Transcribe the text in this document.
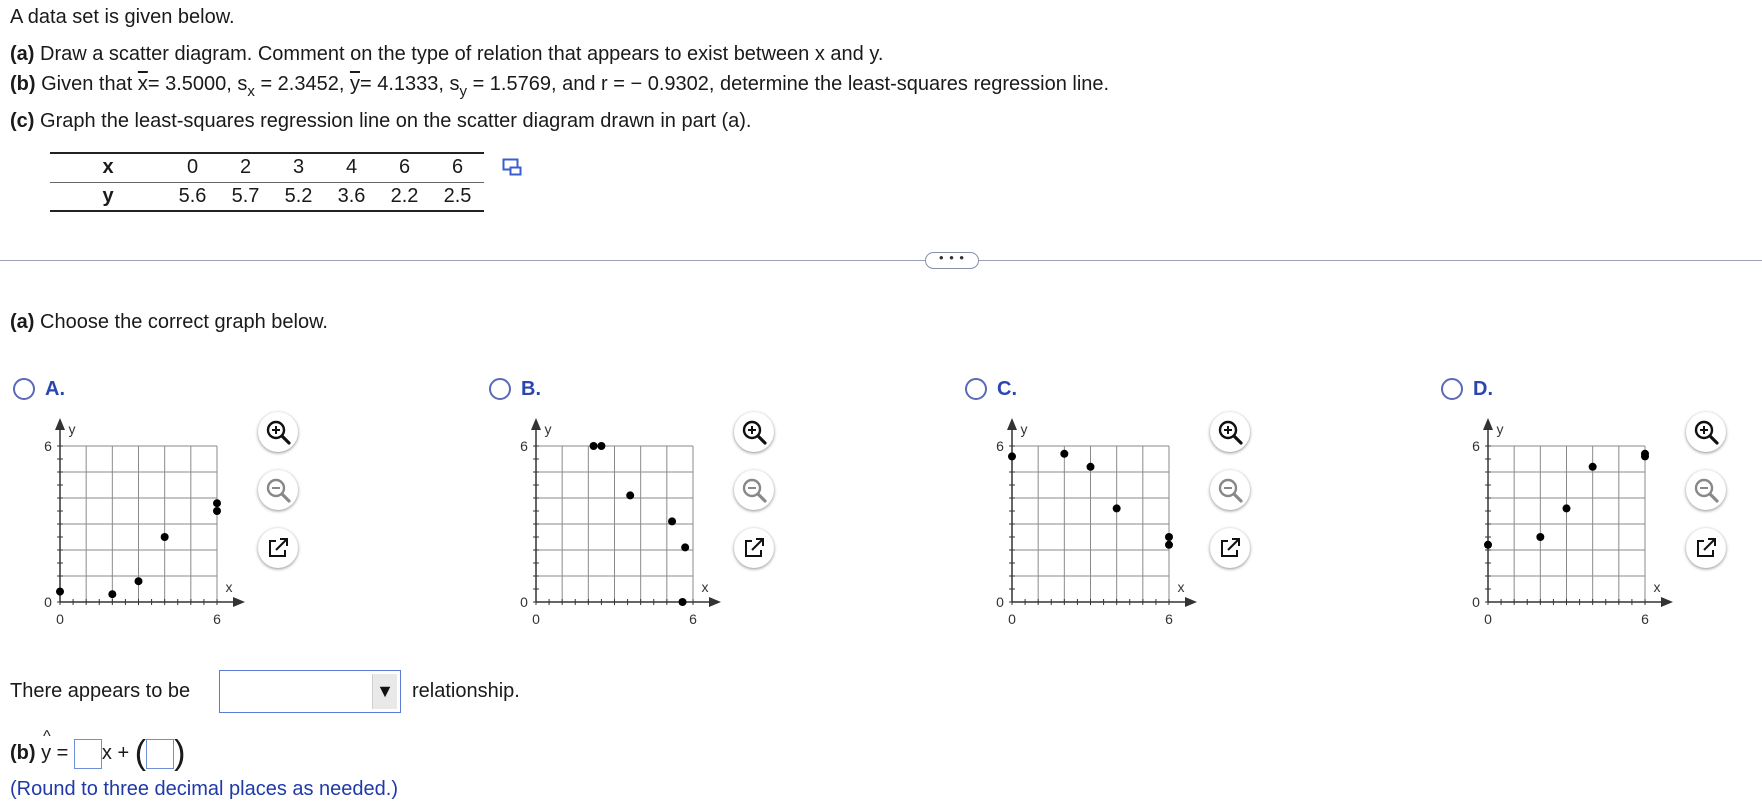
A data set is given below.
(a) Draw a scatter diagram. Comment on the type of relation that appears to exist between x and y.
(b) Given that $\overline{x}= 3.5000$, $s_x = 2.3452$, $\overline{y}= 4.1333$, $s_y = 1.5769$, and r = − 0.9302, determine the least-squares regression line.
(c) Graph the least-squares regression line on the scatter diagram drawn in part (a).
x	0	2	3	4	6	6
y	5.6	5.7	5.2	3.6	2.2	2.5
• • •
(a) Choose the correct graph below.
A.
y
x
6
0
0	6
B.
y
x
6
0
0	6
C.
y
x
6
0
0	6
D.
y
x
6
0
0	6
There appears to be	▼ relationship.
(b)
^
y = x + ( )
(Round to three decimal places as needed.)
